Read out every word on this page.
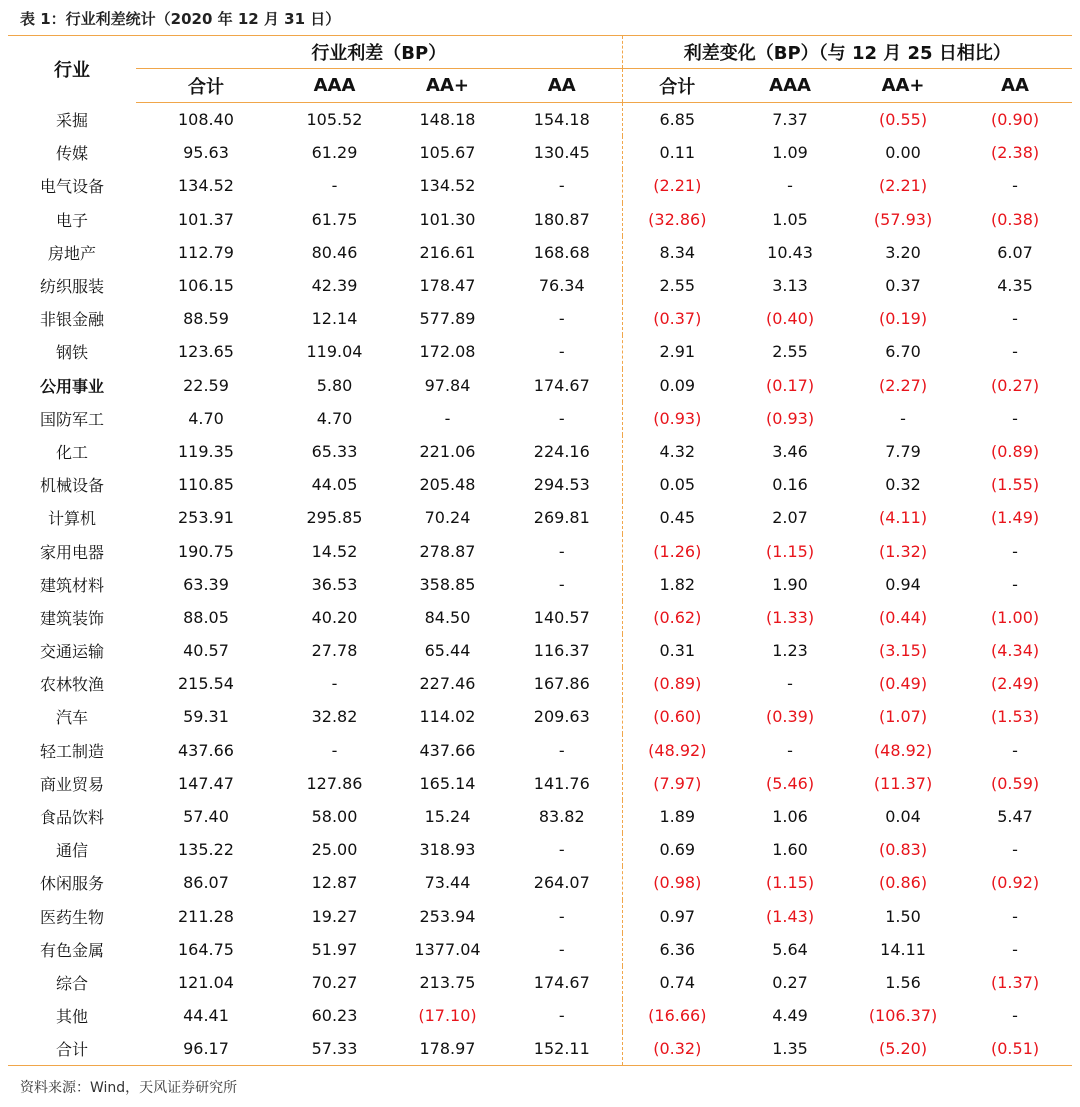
表 1：行业利差统计（2020 年 12 月 31 日）
行业	行业利差（BP）				利差变化（BP）（与 12 月 25 日相比）			
	合计	AAA	AA+	AA	合计	AAA	AA+	AA
采掘	108.40	105.52	148.18	154.18	6.85	7.37	(0.55)	(0.90)
传媒	95.63	61.29	105.67	130.45	0.11	1.09	0.00	(2.38)
电气设备	134.52	-	134.52	-	(2.21)	-	(2.21)	-
电子	101.37	61.75	101.30	180.87	(32.86)	1.05	(57.93)	(0.38)
房地产	112.79	80.46	216.61	168.68	8.34	10.43	3.20	6.07
纺织服装	106.15	42.39	178.47	76.34	2.55	3.13	0.37	4.35
非银金融	88.59	12.14	577.89	-	(0.37)	(0.40)	(0.19)	-
钢铁	123.65	119.04	172.08	-	2.91	2.55	6.70	-
公用事业	22.59	5.80	97.84	174.67	0.09	(0.17)	(2.27)	(0.27)
国防军工	4.70	4.70	-	-	(0.93)	(0.93)	-	-
化工	119.35	65.33	221.06	224.16	4.32	3.46	7.79	(0.89)
机械设备	110.85	44.05	205.48	294.53	0.05	0.16	0.32	(1.55)
计算机	253.91	295.85	70.24	269.81	0.45	2.07	(4.11)	(1.49)
家用电器	190.75	14.52	278.87	-	(1.26)	(1.15)	(1.32)	-
建筑材料	63.39	36.53	358.85	-	1.82	1.90	0.94	-
建筑装饰	88.05	40.20	84.50	140.57	(0.62)	(1.33)	(0.44)	(1.00)
交通运输	40.57	27.78	65.44	116.37	0.31	1.23	(3.15)	(4.34)
农林牧渔	215.54	-	227.46	167.86	(0.89)	-	(0.49)	(2.49)
汽车	59.31	32.82	114.02	209.63	(0.60)	(0.39)	(1.07)	(1.53)
轻工制造	437.66	-	437.66	-	(48.92)	-	(48.92)	-
商业贸易	147.47	127.86	165.14	141.76	(7.97)	(5.46)	(11.37)	(0.59)
食品饮料	57.40	58.00	15.24	83.82	1.89	1.06	0.04	5.47
通信	135.22	25.00	318.93	-	0.69	1.60	(0.83)	-
休闲服务	86.07	12.87	73.44	264.07	(0.98)	(1.15)	(0.86)	(0.92)
医药生物	211.28	19.27	253.94	-	0.97	(1.43)	1.50	-
有色金属	164.75	51.97	1377.04	-	6.36	5.64	14.11	-
综合	121.04	70.27	213.75	174.67	0.74	0.27	1.56	(1.37)
其他	44.41	60.23	(17.10)	-	(16.66)	4.49	(106.37)	-
合计	96.17	57.33	178.97	152.11	(0.32)	1.35	(5.20)	(0.51)
资料来源：Wind，天风证券研究所
